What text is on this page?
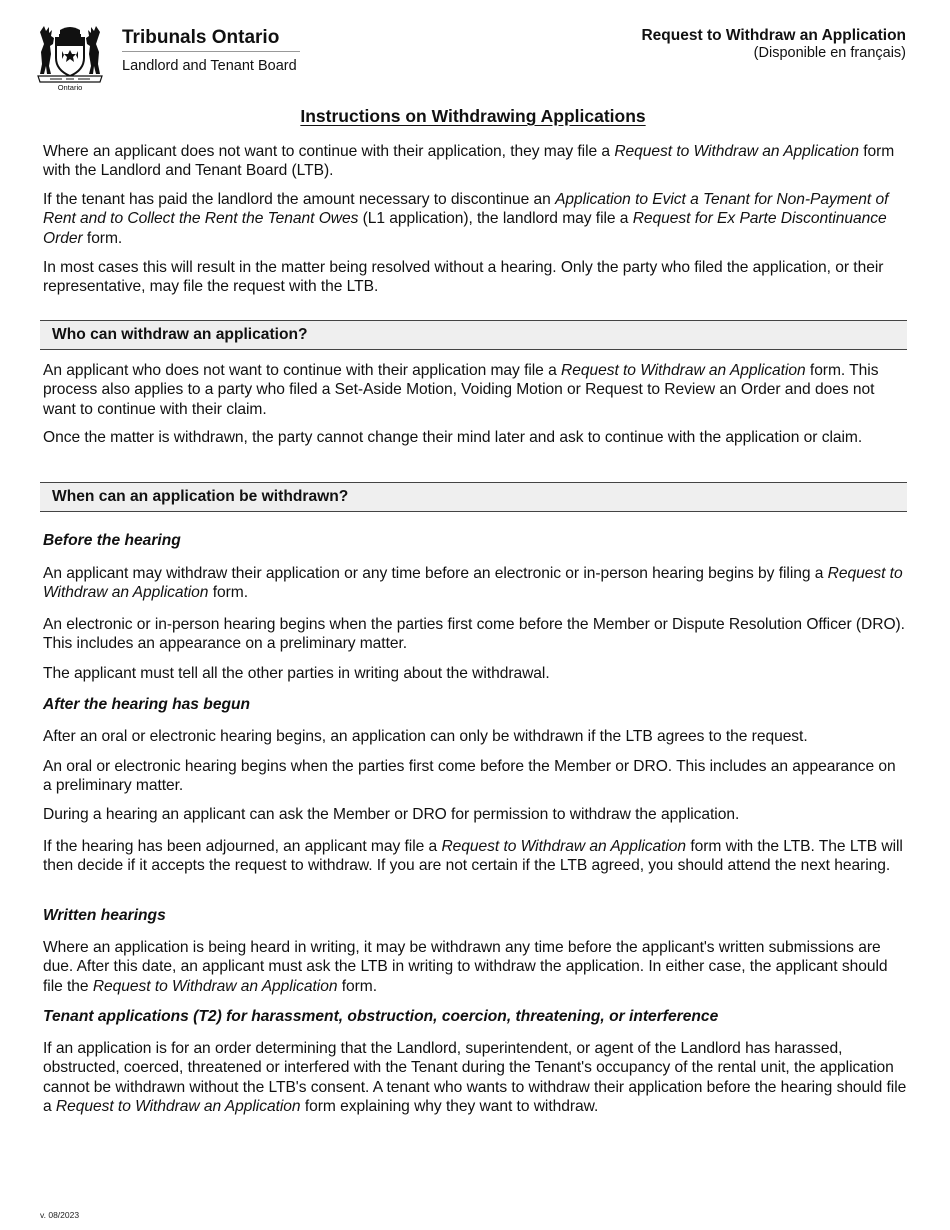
Ontario
Tribunals Ontario
Landlord and Tenant Board
Request to Withdraw an Application
(Disponible en français)
Instructions on Withdrawing Applications

Where an applicant does not want to continue with their application, they may file a Request to Withdraw an Application form with the Landlord and Tenant Board (LTB).

If the tenant has paid the landlord the amount necessary to discontinue an Application to Evict a Tenant for Non-Payment of Rent and to Collect the Rent the Tenant Owes (L1 application), the landlord may file a Request for Ex Parte Discontinuance Order form.

In most cases this will result in the matter being resolved without a hearing. Only the party who filed the application, or their representative, may file the request with the LTB.

Who can withdraw an application?

An applicant who does not want to continue with their application may file a Request to Withdraw an Application form. This process also applies to a party who filed a Set-Aside Motion, Voiding Motion or Request to Review an Order and does not want to continue with their claim.

Once the matter is withdrawn, the party cannot change their mind later and ask to continue with the application or claim.

When can an application be withdrawn?
Before the hearing

An applicant may withdraw their application or any time before an electronic or in-person hearing begins by filing a Request to Withdraw an Application form.

An electronic or in-person hearing begins when the parties first come before the Member or Dispute Resolution Officer (DRO). This includes an appearance on a preliminary matter.

The applicant must tell all the other parties in writing about the withdrawal.

After the hearing has begun

After an oral or electronic hearing begins, an application can only be withdrawn if the LTB agrees to the request.

An oral or electronic hearing begins when the parties first come before the Member or DRO. This includes an appearance on a preliminary matter.

During a hearing an applicant can ask the Member or DRO for permission to withdraw the application.

If the hearing has been adjourned, an applicant may file a Request to Withdraw an Application form with the LTB. The LTB will then decide if it accepts the request to withdraw. If you are not certain if the LTB agreed, you should attend the next hearing.

Written hearings

Where an application is being heard in writing, it may be withdrawn any time before the applicant's written submissions are due. After this date, an applicant must ask the LTB in writing to withdraw the application. In either case, the applicant should file the Request to Withdraw an Application form.

Tenant applications (T2) for harassment, obstruction, coercion, threatening, or interference

If an application is for an order determining that the Landlord, superintendent, or agent of the Landlord has harassed, obstructed, coerced, threatened or interfered with the Tenant during the Tenant's occupancy of the rental unit, the application cannot be withdrawn without the LTB's consent. A tenant who wants to withdraw their application before the hearing should file a Request to Withdraw an Application form explaining why they want to withdraw.

v. 08/2023
